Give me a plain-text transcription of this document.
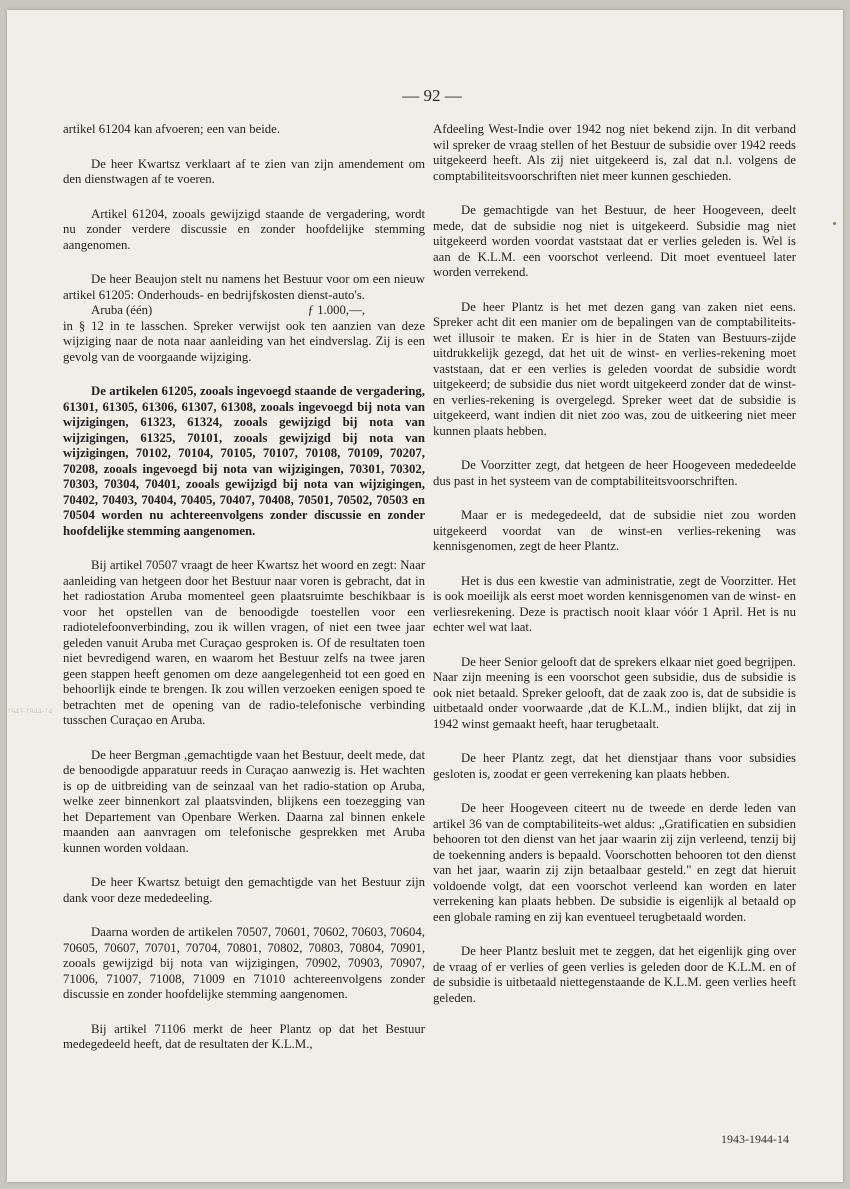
— 92 —

artikel 61204 kan afvoeren; een van beide.

De heer Kwartsz verklaart af te zien van zijn amendement om den dienstwagen af te voeren.

Artikel 61204, zooals gewijzigd staande de vergadering, wordt nu zonder verdere discussie en zonder hoofdelijke stemming aangenomen.

De heer Beaujon stelt nu namens het Bestuur voor om een nieuw artikel 61205: Onderhouds- en bedrijfskosten dienst-auto's.

Aruba (één)	ƒ 1.000,—,

in § 12 in te lasschen. Spreker verwijst ook ten aanzien van deze wijziging naar de nota naar aanleiding van het eindverslag. Zij is een gevolg van de voorgaande wijziging.

De artikelen 61205, zooals ingevoegd staande de vergadering, 61301, 61305, 61306, 61307, 61308, zooals ingevoegd bij nota van wijzigingen, 61323, 61324, zooals gewijzigd bij nota van wijzigingen, 61325, 70101, zooals gewijzigd bij nota van wijzigingen, 70102, 70104, 70105, 70107, 70108, 70109, 70207, 70208, zooals ingevoegd bij nota van wijzigingen, 70301, 70302, 70303, 70304, 70401, zooals gewijzigd bij nota van wijzigingen, 70402, 70403, 70404, 70405, 70407, 70408, 70501, 70502, 70503 en 70504 worden nu achtereenvolgens zonder discussie en zonder hoofdelijke stemming aangenomen.

Bij artikel 70507 vraagt de heer Kwartsz het woord en zegt: Naar aanleiding van hetgeen door het Bestuur naar voren is gebracht, dat in het radiostation Aruba momenteel geen plaatsruimte beschikbaar is voor het opstellen van de benoodigde toestellen voor een radiotelefoonverbinding, zou ik willen vragen, of niet een twee jaar geleden vanuit Aruba met Curaçao gesproken is. Of de resultaten toen niet bevredigend waren, en waarom het Bestuur zelfs na twee jaren geen stappen heeft genomen om deze aangelegenheid tot een goed en behoorlijk einde te brengen. Ik zou willen verzoeken eenigen spoed te betrachten met de opening van de radio-telefonische verbinding tusschen Curaçao en Aruba.

De heer Bergman ,gemachtigde vaan het Bestuur, deelt mede, dat de benoodigde apparatuur reeds in Curaçao aanwezig is. Het wachten is op de uitbreiding van de seinzaal van het radio-station op Aruba, welke zeer binnenkort zal plaatsvinden, blijkens een toezegging van het Departement van Openbare Werken. Daarna zal binnen enkele maanden aan aanvragen om telefonische gesprekken met Aruba kunnen worden voldaan.

De heer Kwartsz betuigt den gemachtigde van het Bestuur zijn dank voor deze mededeeling.

Daarna worden de artikelen 70507, 70601, 70602, 70603, 70604, 70605, 70607, 70701, 70704, 70801, 70802, 70803, 70804, 70901, zooals gewijzigd bij nota van wijzigingen, 70902, 70903, 70907, 71006, 71007, 71008, 71009 en 71010 achtereenvolgens zonder discussie en zonder hoofdelijke stemming aangenomen.

Bij artikel 71106 merkt de heer Plantz op dat het Bestuur medegedeeld heeft, dat de resultaten der K.L.M.,

Afdeeling West-Indie over 1942 nog niet bekend zijn. In dit verband wil spreker de vraag stellen of het Bestuur de subsidie over 1942 reeds uitgekeerd heeft. Als zij niet uitgekeerd is, zal dat n.l. volgens de comptabiliteitsvoorschriften niet meer kunnen geschieden.

De gemachtigde van het Bestuur, de heer Hoogeveen, deelt mede, dat de subsidie nog niet is uitgekeerd. Subsidie mag niet uitgekeerd worden voordat vaststaat dat er verlies geleden is. Wel is aan de K.L.M. een voorschot verleend. Dit moet eventueel later worden verrekend.

De heer Plantz is het met dezen gang van zaken niet eens. Spreker acht dit een manier om de bepalingen van de comptabiliteits-wet illusoir te maken. Er is hier in de Staten van Bestuurs-zijde uitdrukkelijk gezegd, dat het uit de winst- en verlies-rekening moet vaststaan, dat er een verlies is geleden voordat de subsidie wordt uitgekeerd; de subsidie dus niet wordt uitgekeerd zonder dat de winst- en verlies-rekening is overgelegd. Spreker weet dat de subsidie is uitgekeerd, want indien dit niet zoo was, zou de uitkeering niet meer kunnen plaats hebben.

De Voorzitter zegt, dat hetgeen de heer Hoogeveen mededeelde dus past in het systeem van de comptabiliteitsvoorschriften.

Maar er is medegedeeld, dat de subsidie niet zou worden uitgekeerd voordat van de winst-en verlies-rekening was kennisgenomen, zegt de heer Plantz.

Het is dus een kwestie van administratie, zegt de Voorzitter. Het is ook moeilijk als eerst moet worden kennisgenomen van de winst- en verliesrekening. Deze is practisch nooit klaar vóór 1 April. Het is nu echter wel wat laat.

De heer Senior gelooft dat de sprekers elkaar niet goed begrijpen. Naar zijn meening is een voorschot geen subsidie, dus de subsidie is ook niet betaald. Spreker gelooft, dat de zaak zoo is, dat de subsidie is uitbetaald onder voorwaarde ,dat de K.L.M., indien blijkt, dat zij in 1942 winst gemaakt heeft, haar terugbetaalt.

De heer Plantz zegt, dat het dienstjaar thans voor subsidies gesloten is, zoodat er geen verrekening kan plaats hebben.

De heer Hoogeveen citeert nu de tweede en derde leden van artikel 36 van de comptabiliteits-wet aldus: „Gratificatien en subsidien behooren tot den dienst van het jaar waarin zij zijn verleend, tenzij bij de toekenning anders is bepaald. Voorschotten behooren tot den dienst van het jaar, waarin zij zijn betaalbaar gesteld." en zegt dat hieruit voldoende volgt, dat een voorschot verleend kan worden en later verrekening kan plaats hebben. De subsidie is eigenlijk al betaald op een globale raming en zij kan eventueel terugbetaald worden.

De heer Plantz besluit met te zeggen, dat het eigenlijk ging over de vraag of er verlies of geen verlies is geleden door de K.L.M. en of de subsidie is uitbetaald niettegenstaande de K.L.M. geen verlies heeft geleden.

1943-1944-14
1943-1944-14
